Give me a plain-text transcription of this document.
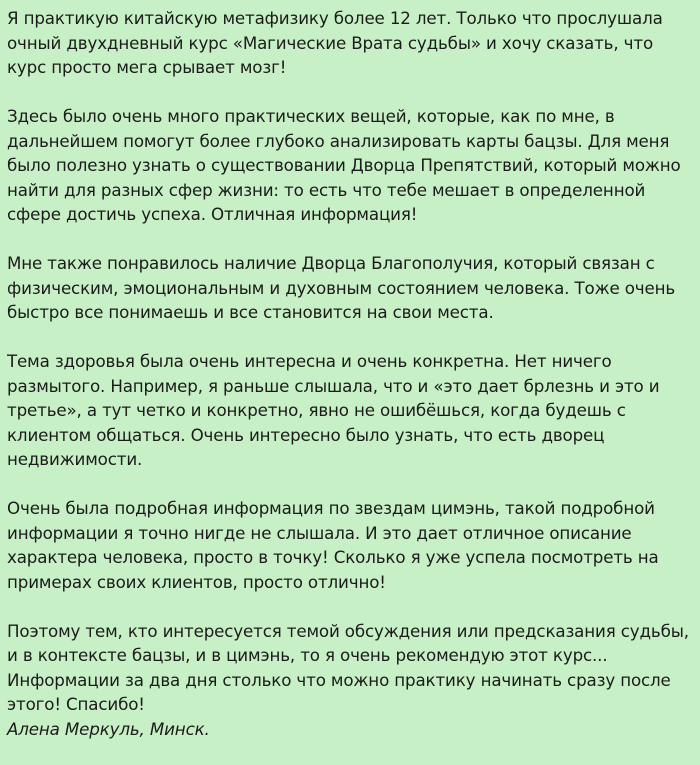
Я практикую китайскую метафизику более 12 лет. Только что прослушала очный двухдневный курс «Магические Врата судьбы» и хочу сказать, что курс просто мега срывает мозг!

Здесь было очень много практических вещей, которые, как по мне, в дальнейшем помогут более глубоко анализировать карты бацзы. Для меня было полезно узнать о существовании Дворца Препятствий, который можно найти для разных сфер жизни: то есть что тебе мешает в определенной сфере достичь успеха. Отличная информация!

Мне также понравилось наличие Дворца Благополучия, который связан с физическим, эмоциональным и духовным состоянием человека. Тоже очень быстро все понимаешь и все становится на свои места.

Тема здоровья была очень интересна и очень конкретна. Нет ничего размытого. Например, я раньше слышала, что и «это дает брлезнь и это и третье», а тут четко и конкретно, явно не ошибёшься, когда будешь с клиентом общаться. Очень интересно было узнать, что есть дворец недвижимости.

Очень была подробная информация по звездам цимэнь, такой подробной информации я точно нигде не слышала. И это дает отличное описание характера человека, просто в точку! Сколько я уже успела посмотреть на примерах своих клиентов, просто отлично!

Поэтому тем, кто интересуется темой обсуждения или предсказания судьбы, и в контексте бацзы, и в цимэнь, то я очень рекомендую этот курс... Информации за два дня столько что можно практику начинать сразу после этого! Спасибо!
Алена Меркуль, Минск.
